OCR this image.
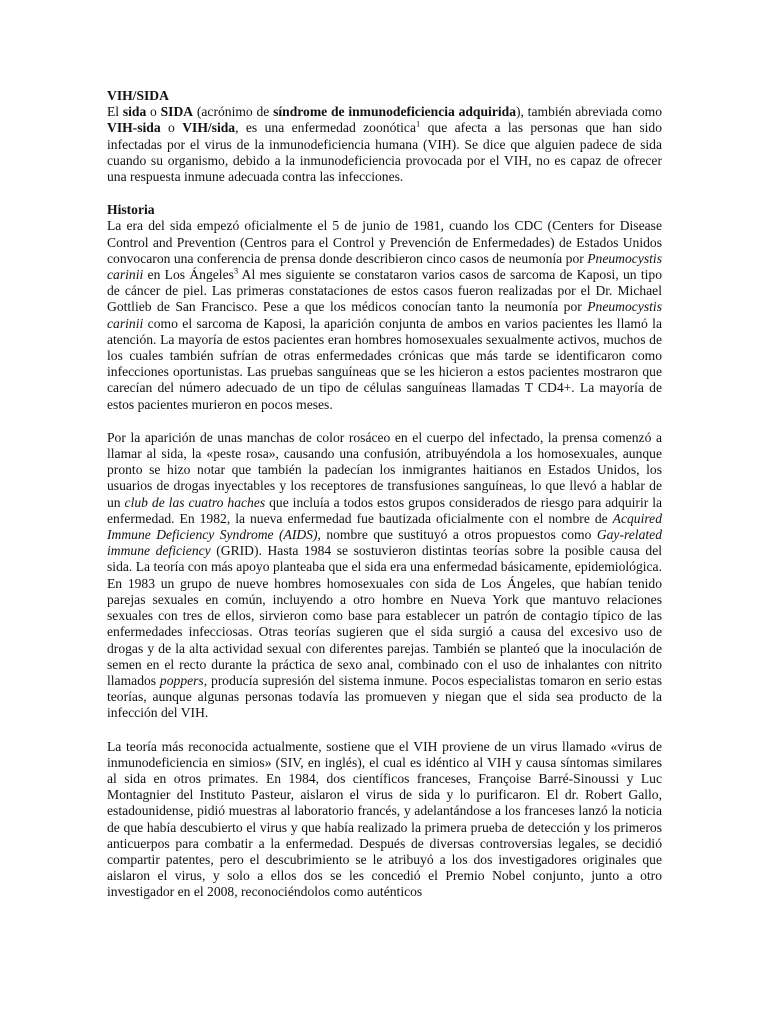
VIH/SIDA

El sida o SIDA (acrónimo de síndrome de inmunodeficiencia adquirida), también abreviada como VIH-sida o VIH/sida, es una enfermedad zoonótica$^1$ que afecta a las personas que han sido infectadas por el virus de la inmunodeficiencia humana (VIH). Se dice que alguien padece de sida cuando su organismo, debido a la inmunodeficiencia provocada por el VIH, no es capaz de ofrecer una respuesta inmune adecuada contra las infecciones.

Historia

La era del sida empezó oficialmente el 5 de junio de 1981, cuando los CDC (Centers for Disease Control and Prevention (Centros para el Control y Prevención de Enfermedades) de Estados Unidos convocaron una conferencia de prensa donde describieron cinco casos de neumonía por Pneumocystis carinii en Los Ángeles$^3$ Al mes siguiente se constataron varios casos de sarcoma de Kaposi, un tipo de cáncer de piel. Las primeras constataciones de estos casos fueron realizadas por el Dr. Michael Gottlieb de San Francisco. Pese a que los médicos conocían tanto la neumonía por Pneumocystis carinii como el sarcoma de Kaposi, la aparición conjunta de ambos en varios pacientes les llamó la atención. La mayoría de estos pacientes eran hombres homosexuales sexualmente activos, muchos de los cuales también sufrían de otras enfermedades crónicas que más tarde se identificaron como infecciones oportunistas. Las pruebas sanguíneas que se les hicieron a estos pacientes mostraron que carecían del número adecuado de un tipo de células sanguíneas llamadas T CD4+. La mayoría de estos pacientes murieron en pocos meses.

Por la aparición de unas manchas de color rosáceo en el cuerpo del infectado, la prensa comenzó a llamar al sida, la «peste rosa», causando una confusión, atribuyéndola a los homosexuales, aunque pronto se hizo notar que también la padecían los inmigrantes haitianos en Estados Unidos, los usuarios de drogas inyectables y los receptores de transfusiones sanguíneas, lo que llevó a hablar de un club de las cuatro haches que incluía a todos estos grupos considerados de riesgo para adquirir la enfermedad. En 1982, la nueva enfermedad fue bautizada oficialmente con el nombre de Acquired Immune Deficiency Syndrome (AIDS), nombre que sustituyó a otros propuestos como Gay-related immune deficiency (GRID). Hasta 1984 se sostuvieron distintas teorías sobre la posible causa del sida. La teoría con más apoyo planteaba que el sida era una enfermedad básicamente, epidemiológica. En 1983 un grupo de nueve hombres homosexuales con sida de Los Ángeles, que habían tenido parejas sexuales en común, incluyendo a otro hombre en Nueva York que mantuvo relaciones sexuales con tres de ellos, sirvieron como base para establecer un patrón de contagio típico de las enfermedades infecciosas. Otras teorías sugieren que el sida surgió a causa del excesivo uso de drogas y de la alta actividad sexual con diferentes parejas. También se planteó que la inoculación de semen en el recto durante la práctica de sexo anal, combinado con el uso de inhalantes con nitrito llamados poppers, producía supresión del sistema inmune. Pocos especialistas tomaron en serio estas teorías, aunque algunas personas todavía las promueven y niegan que el sida sea producto de la infección del VIH.

La teoría más reconocida actualmente, sostiene que el VIH proviene de un virus llamado «virus de inmunodeficiencia en simios» (SIV, en inglés), el cual es idéntico al VIH y causa síntomas similares al sida en otros primates. En 1984, dos científicos franceses, Françoise Barré-Sinoussi y Luc Montagnier del Instituto Pasteur, aislaron el virus de sida y lo purificaron. El dr. Robert Gallo, estadounidense, pidió muestras al laboratorio francés, y adelantándose a los franceses lanzó la noticia de que había descubierto el virus y que había realizado la primera prueba de detección y los primeros anticuerpos para combatir a la enfermedad. Después de diversas controversias legales, se decidió compartir patentes, pero el descubrimiento se le atribuyó a los dos investigadores originales que aislaron el virus, y solo a ellos dos se les concedió el Premio Nobel conjunto, junto a otro investigador en el 2008, reconociéndolos como auténticos
